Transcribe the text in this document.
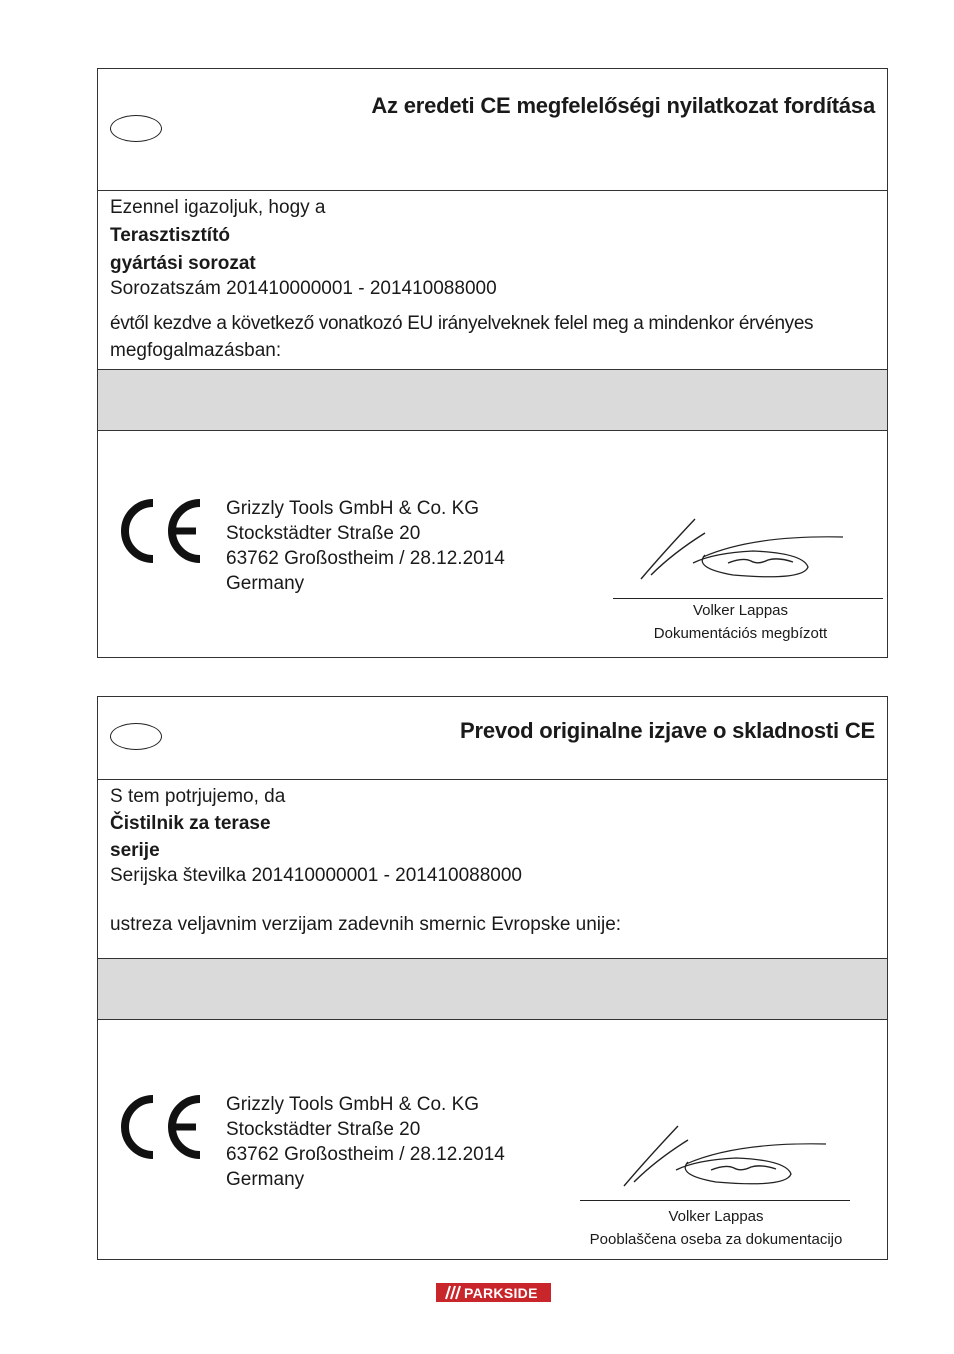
Az eredeti CE megfelelőségi nyilatkozat fordítása
Ezennel igazoljuk, hogy a
Terasztisztító
gyártási sorozat
Sorozatszám 201410000001 - 201410088000
évtől kezdve a következő vonatkozó EU irányelveknek felel meg a mindenkor érvényes
megfogalmazásban:
Grizzly Tools GmbH & Co. KG
Stockstädter Straße 20
63762 Großostheim / 28.12.2014
Germany
Volker Lappas
Dokumentációs megbízott
Prevod originalne izjave o skladnosti CE
S tem potrjujemo, da
Čistilnik za terase
serije
Serijska številka 201410000001 - 201410088000
ustreza veljavnim verzijam zadevnih smernic Evropske unije:
Grizzly Tools GmbH & Co. KG
Stockstädter Straße 20
63762 Großostheim / 28.12.2014
Germany
Volker Lappas
Pooblaščena oseba za dokumentacijo
PARKSIDE
